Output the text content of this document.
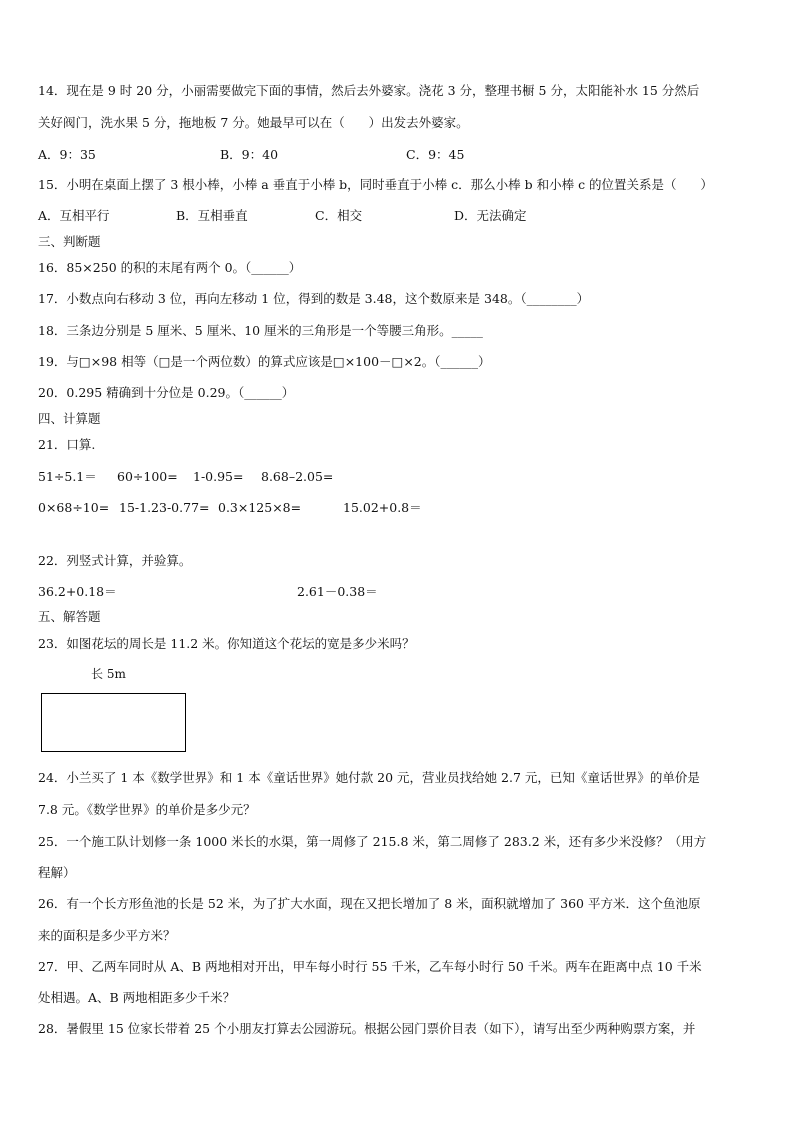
14．现在是 9 时 20 分，小丽需要做完下面的事情，然后去外婆家。浇花 3 分，整理书橱 5 分，太阳能补水 15 分然后
关好阀门，洗水果 5 分，拖地板 7 分。她最早可以在（      ）出发去外婆家。
A．9：35	B．9：40	C．9：45
15．小明在桌面上摆了 3 根小棒，小棒 a 垂直于小棒 b，同时垂直于小棒 c．那么小棒 b 和小棒 c 的位置关系是（      ）
A．互相平行	B．互相垂直	C．相交	D．无法确定
三、判断题
16．85×250 的积的末尾有两个 0。（______）
17．小数点向右移动 3 位，再向左移动 1 位，得到的数是 3.48，这个数原来是 348。（________）
18．三条边分别是 5 厘米、5 厘米、10 厘米的三角形是一个等腰三角形。_____
19．与□×98 相等（□是一个两位数）的算式应该是□×100－□×2。（______）
20．0.295 精确到十分位是 0.29。（______）
四、计算题
21．口算.
51÷5.1＝ 60÷100= 1-0.95= 8.68–2.05=
0×68÷10= 15-1.23-0.77= 0.3×125×8=	15.02+0.8＝
22．列竖式计算，并验算。
36.2+0.18＝	2.61－0.38＝
五、解答题
23．如图花坛的周长是 11.2 米。你知道这个花坛的宽是多少米吗？
长 5m
24．小兰买了 1 本《数学世界》和 1 本《童话世界》她付款 20 元，营业员找给她 2.7 元，已知《童话世界》的单价是
7.8 元。《数学世界》的单价是多少元？
25．一个施工队计划修一条 1000 米长的水渠，第一周修了 215.8 米，第二周修了 283.2 米，还有多少米没修？（用方
程解）
26．有一个长方形鱼池的长是 52 米，为了扩大水面，现在又把长增加了 8 米，面积就增加了 360 平方米．这个鱼池原
来的面积是多少平方米？
27．甲、乙两车同时从 A、B 两地相对开出，甲车每小时行 55 千米，乙车每小时行 50 千米。两车在距离中点 10 千米
处相遇。A、B 两地相距多少千米？
28．暑假里 15 位家长带着 25 个小朋友打算去公园游玩。根据公园门票价目表（如下），请写出至少两种购票方案，并
